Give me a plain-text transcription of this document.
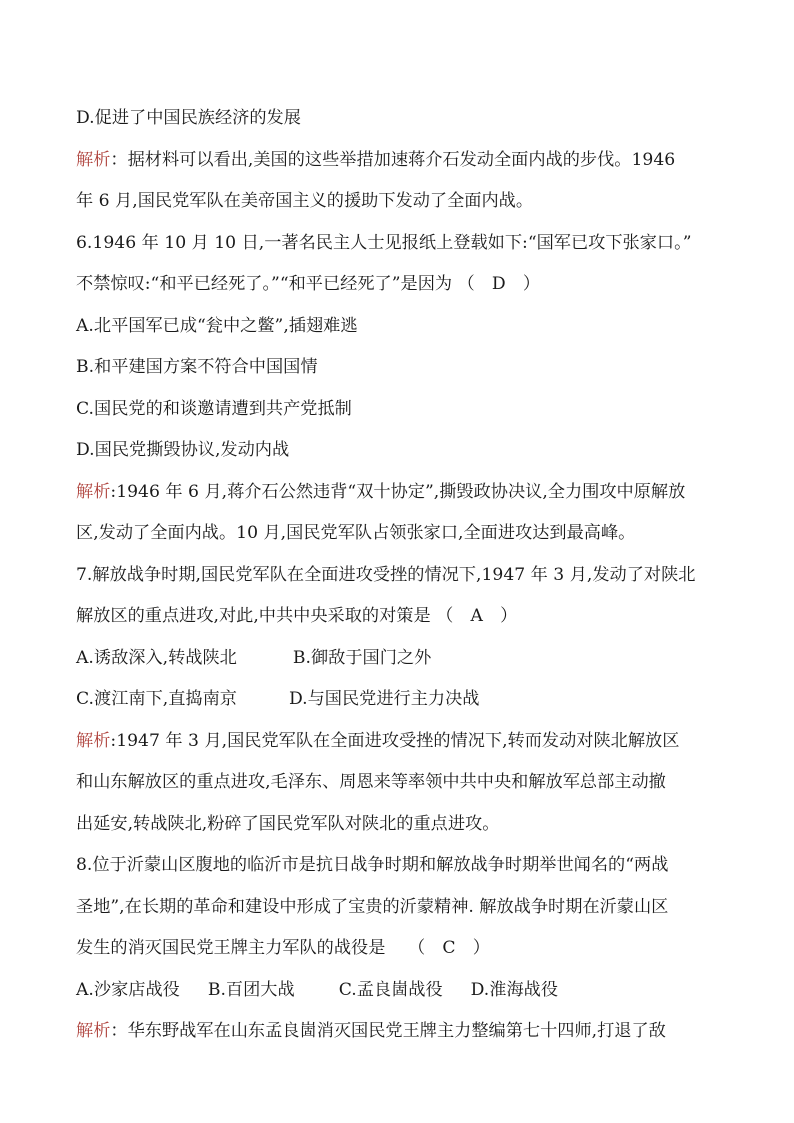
D.促进了中国民族经济的发展
解析：据材料可以看出,美国的这些举措加速蒋介石发动全面内战的步伐。1946
年 6 月,国民党军队在美帝国主义的援助下发动了全面内战。
6.1946 年 10 月 10 日,一著名民主人士见报纸上登载如下:“国军已攻下张家口。”
不禁惊叹:“和平已经死了。”“和平已经死了”是因为 （　D　）
A.北平国军已成“瓮中之鳖”,插翅难逃
B.和平建国方案不符合中国国情
C.国民党的和谈邀请遭到共产党抵制
D.国民党撕毁协议,发动内战
解析:1946 年 6 月,蒋介石公然违背“双十协定”,撕毁政协决议,全力围攻中原解放
区,发动了全面内战。10 月,国民党军队占领张家口,全面进攻达到最高峰。
7.解放战争时期,国民党军队在全面进攻受挫的情况下,1947 年 3 月,发动了对陕北
解放区的重点进攻,对此,中共中央采取的对策是 （　A　）
A.诱敌深入,转战陕北	B.御敌于国门之外
C.渡江南下,直捣南京	D.与国民党进行主力决战
解析:1947 年 3 月,国民党军队在全面进攻受挫的情况下,转而发动对陕北解放区
和山东解放区的重点进攻,毛泽东、周恩来等率领中共中央和解放军总部主动撤
出延安,转战陕北,粉碎了国民党军队对陕北的重点进攻。
8.位于沂蒙山区腹地的临沂市是抗日战争时期和解放战争时期举世闻名的“两战
圣地”,在长期的革命和建设中形成了宝贵的沂蒙精神. 解放战争时期在沂蒙山区
发生的消灭国民党王牌主力军队的战役是　 （　C　）
A.沙家店战役 B.百团大战	C.孟良崮战役 D.淮海战役
解析：华东野战军在山东孟良崮消灭国民党王牌主力整编第七十四师,打退了敌
